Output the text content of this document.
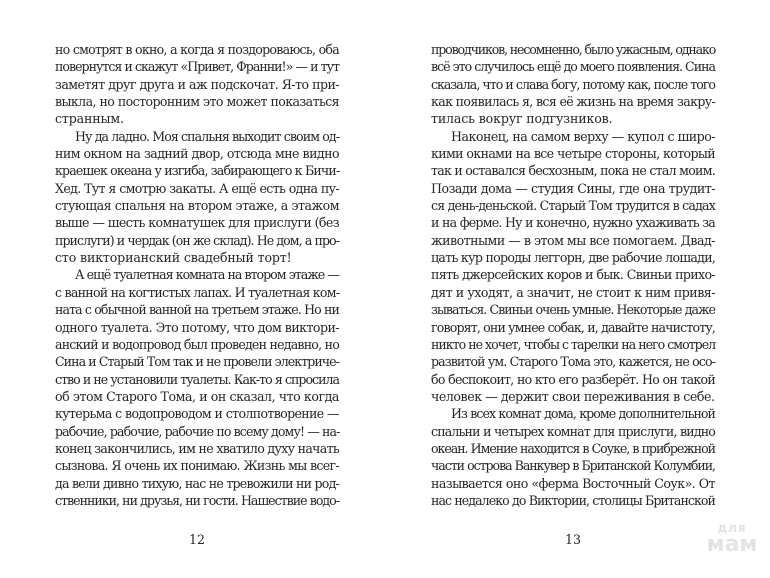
но смотрят в окно, а когда я поздороваюсь, оба
повернутся и скажут «Привет, Франни!» — и тут
заметят друг друга и аж подскочат. Я-то при-
выкла, но посторонним это может показаться
странным.
Ну да ладно. Моя спальня выходит своим од-
ним окном на задний двор, отсюда мне видно
краешек океана у изгиба, забирающего к Бичи-
Хед. Тут я смотрю закаты. А ещё есть одна пу-
стующая спальня на втором этаже, а этажом
выше — шесть комнатушек для прислуги (без
прислуги) и чердак (он же склад). Не дом, а про-
сто викторианский свадебный торт!
А ещё туалетная комната на втором этаже —
с ванной на когтистых лапах. И туалетная ком-
ната с обычной ванной на третьем этаже. Но ни
одного туалета. Это потому, что дом виктори-
анский и водопровод был проведен недавно, но
Сина и Старый Том так и не провели электриче-
ство и не установили туалеты. Как-то я спросила
об этом Старого Тома, и он сказал, что когда
кутерьма с водопроводом и столпотворение —
рабочие, рабочие, рабочие по всему дому! — на-
конец закончились, им не хватило духу начать
сызнова. Я очень их понимаю. Жизнь мы всег-
да вели дивно тихую, нас не тревожили ни род-
ственники, ни друзья, ни гости. Нашествие водо-
12
проводчиков, несомненно, было ужасным, однако
всё это случилось ещё до моего появления. Сина
сказала, что и слава богу, потому как, после того
как появилась я, вся её жизнь на время закру-
тилась вокруг подгузников.
Наконец, на самом верху — купол с широ-
кими окнами на все четыре стороны, который
так и оставался бесхозным, пока не стал моим.
Позади дома — студия Сины, где она трудит-
ся день-деньской. Старый Том трудится в садах
и на ферме. Ну и конечно, нужно ухаживать за
животными — в этом мы все помогаем. Двад-
цать кур породы леггорн, две рабочие лошади,
пять джерсейских коров и бык. Свиньи прихо-
дят и уходят, а значит, не стоит к ним привя-
зываться. Свиньи очень умные. Некоторые даже
говорят, они умнее собак, и, давайте начистоту,
никто не хочет, чтобы с тарелки на него смотрел
развитой ум. Старого Тома это, кажется, не осо-
бо беспокоит, но кто его разберёт. Но он такой
человек — держит свои переживания в себе.
Из всех комнат дома, кроме дополнительной
спальни и четырех комнат для прислуги, видно
океан. Имение находится в Соуке, в прибрежной
части острова Ванкувер в Британской Колумбии,
называется оно «ферма Восточный Соук». От
нас недалеко до Виктории, столицы Британской
13
для
мам
